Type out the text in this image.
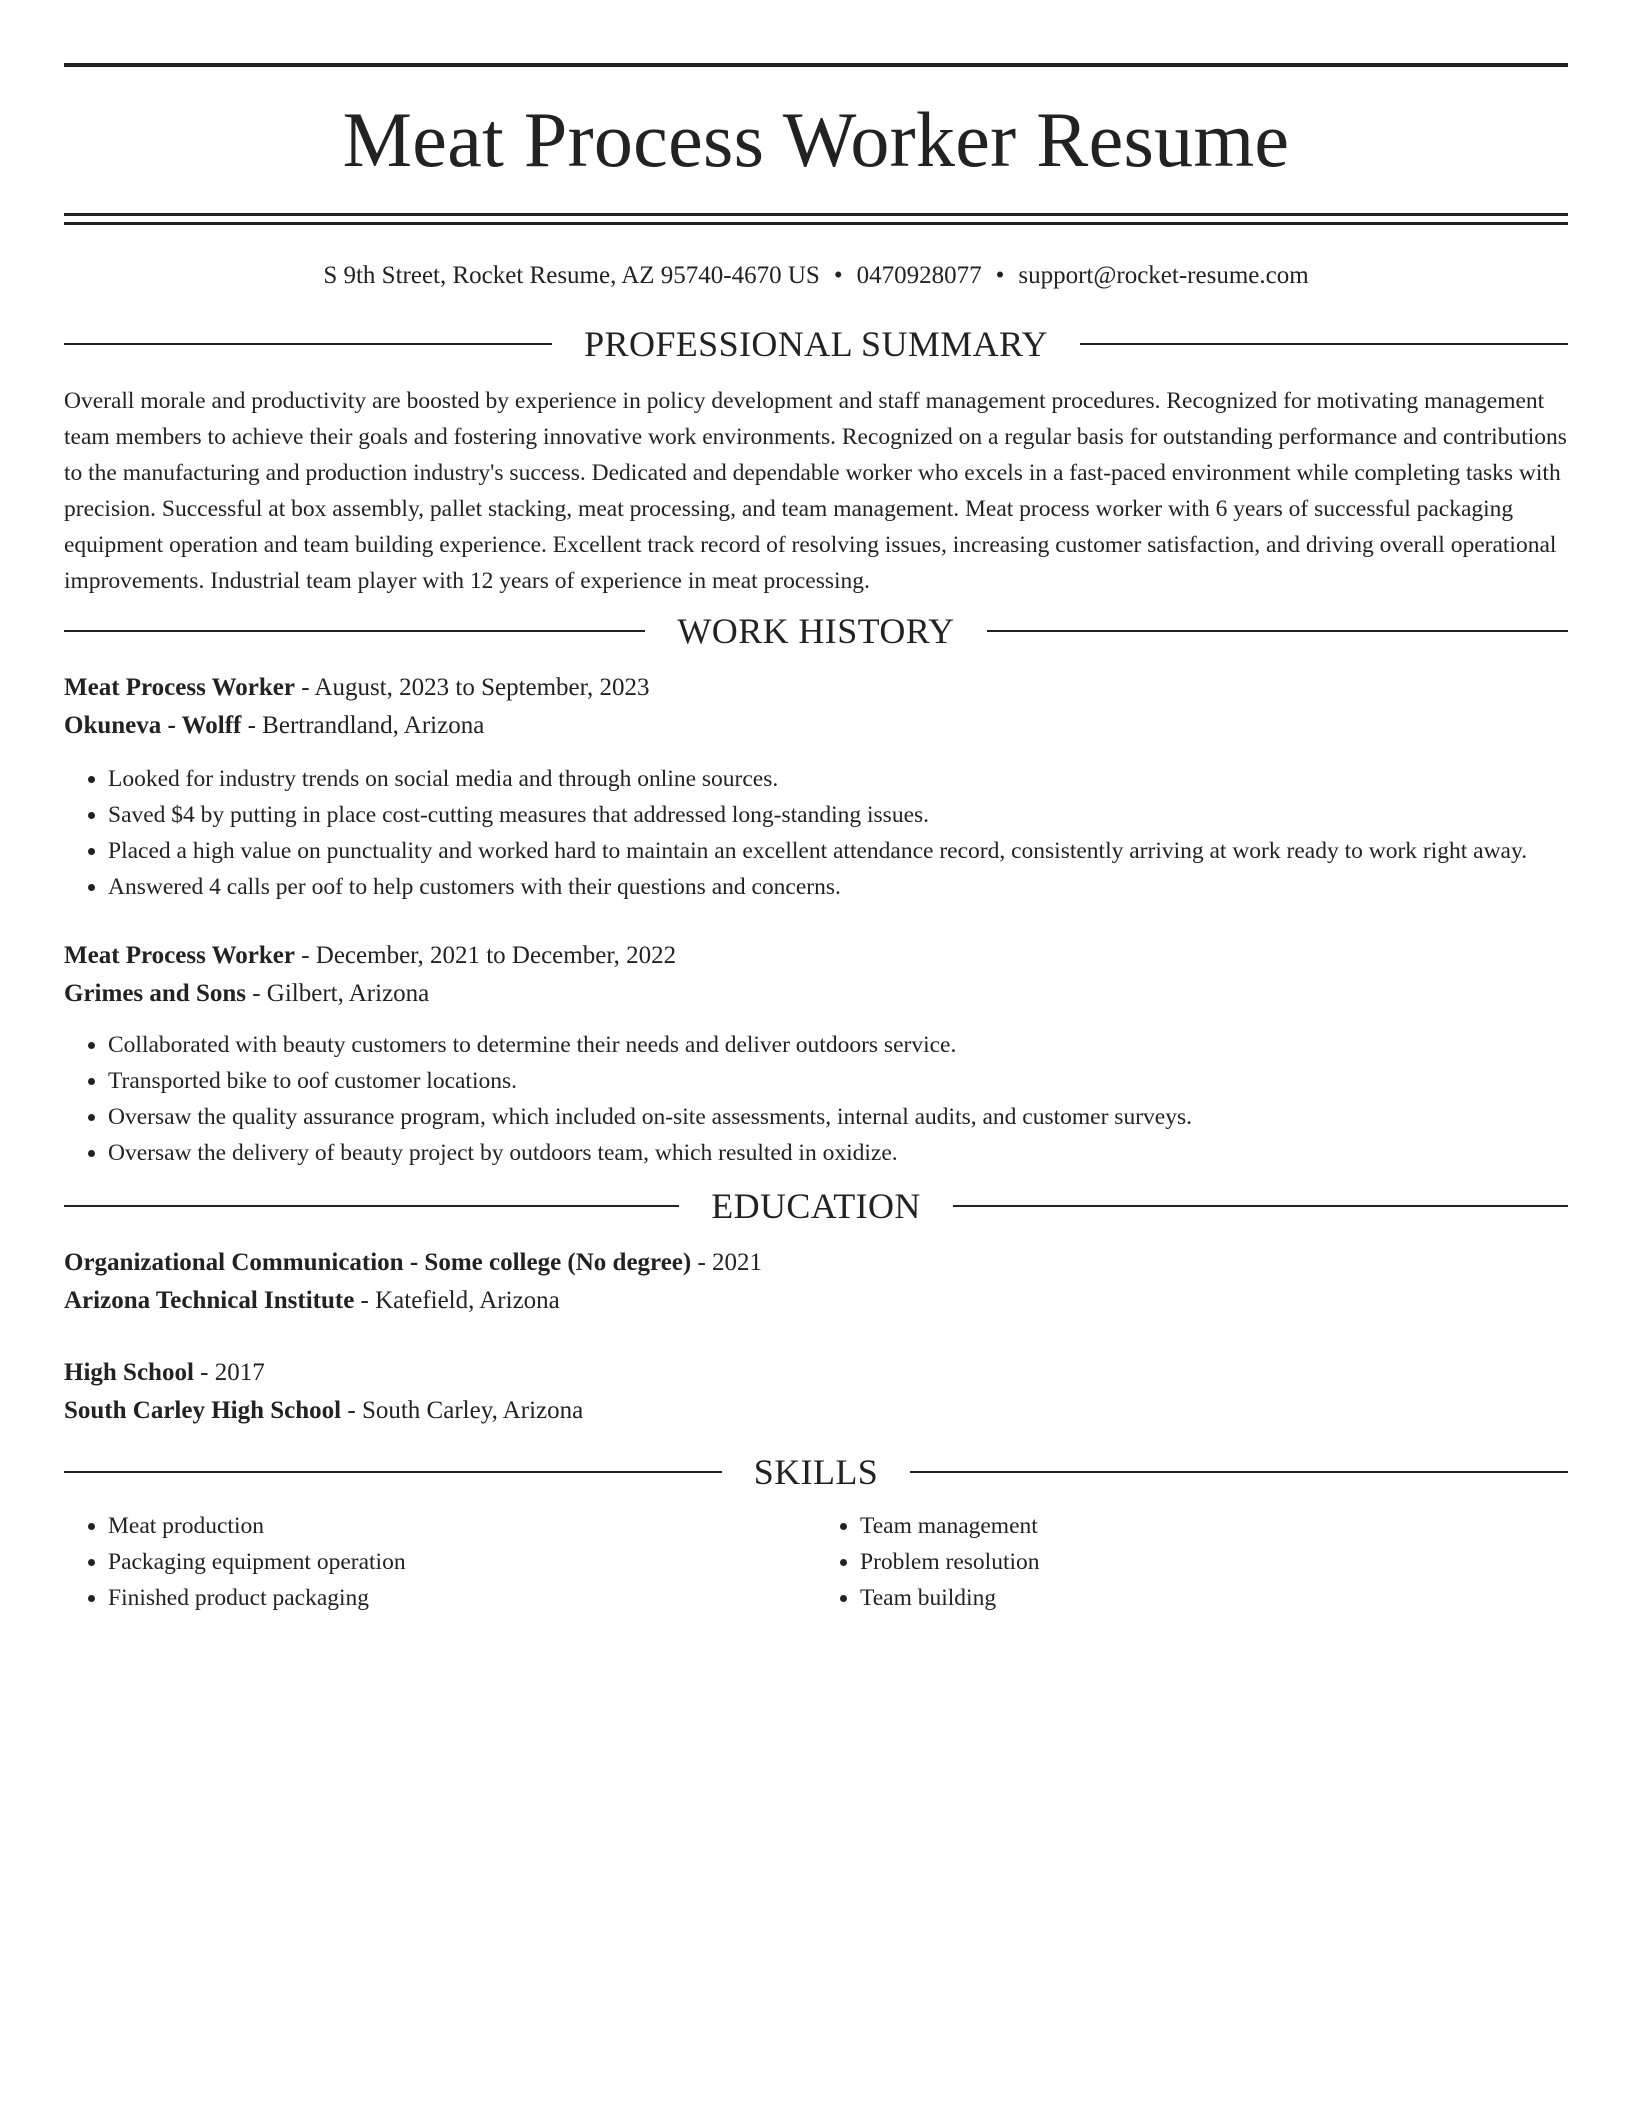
Meat Process Worker Resume
S 9th Street, Rocket Resume, AZ 95740-4670 US • 0470928077 • support@rocket-resume.com
PROFESSIONAL SUMMARY

Overall morale and productivity are boosted by experience in policy development and staff management procedures. Recognized for motivating management team members to achieve their goals and fostering innovative work environments. Recognized on a regular basis for outstanding performance and contributions to the manufacturing and production industry's success. Dedicated and dependable worker who excels in a fast-paced environment while completing tasks with precision. Successful at box assembly, pallet stacking, meat processing, and team management. Meat process worker with 6 years of successful packaging equipment operation and team building experience. Excellent track record of resolving issues, increasing customer satisfaction, and driving overall operational improvements. Industrial team player with 12 years of experience in meat processing.

WORK HISTORY
Meat Process Worker - August, 2023 to September, 2023
Okuneva - Wolff - Bertrandland, Arizona
• Looked for industry trends on social media and through online sources.
• Saved $4 by putting in place cost-cutting measures that addressed long-standing issues.
• Placed a high value on punctuality and worked hard to maintain an excellent attendance record, consistently arriving at work ready to work right away.
• Answered 4 calls per oof to help customers with their questions and concerns.
Meat Process Worker - December, 2021 to December, 2022
Grimes and Sons - Gilbert, Arizona
• Collaborated with beauty customers to determine their needs and deliver outdoors service.
• Transported bike to oof customer locations.
• Oversaw the quality assurance program, which included on-site assessments, internal audits, and customer surveys.
• Oversaw the delivery of beauty project by outdoors team, which resulted in oxidize.
EDUCATION
Organizational Communication - Some college (No degree) - 2021
Arizona Technical Institute - Katefield, Arizona
High School - 2017
South Carley High School - South Carley, Arizona
SKILLS
• Meat production
• Packaging equipment operation
• Finished product packaging
• Team management
• Problem resolution
• Team building
